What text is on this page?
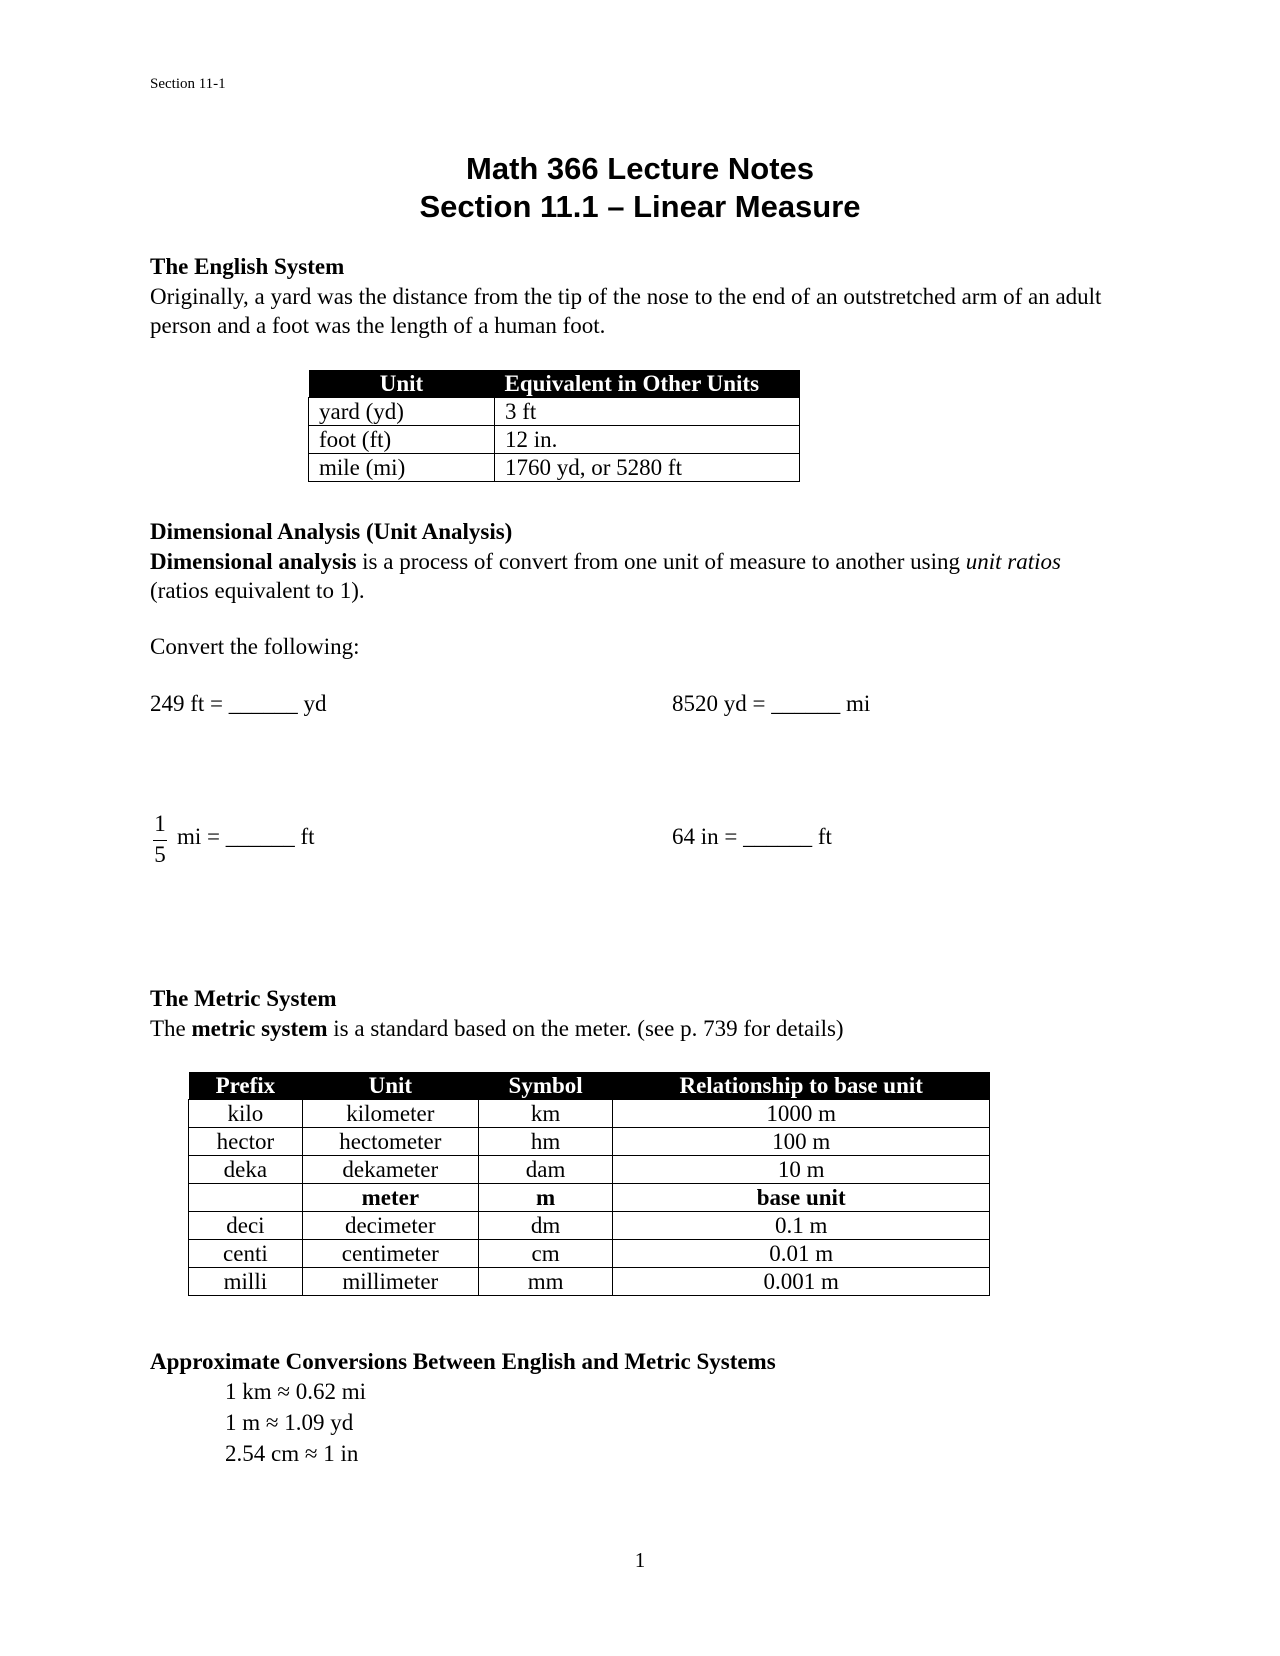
Section 11-1
Math 366 Lecture Notes
Section 11.1 – Linear Measure
The English System
Originally, a yard was the distance from the tip of the nose to the end of an outstretched arm of an adult person and a foot was the length of a human foot.
Unit	Equivalent in Other Units
yard (yd)	3 ft
foot (ft)	12 in.
mile (mi)	1760 yd, or 5280 ft
Dimensional Analysis (Unit Analysis)
Dimensional analysis is a process of convert from one unit of measure to another using unit ratios (ratios equivalent to 1).
Convert the following:
249 ft = ______ yd	8520 yd = ______ mi
1
5
mi = ______ ft	64 in = ______ ft
The Metric System
The metric system is a standard based on the meter. (see p. 739 for details)
Prefix	Unit	Symbol	Relationship to base unit
kilo	kilometer	km	1000 m
hector	hectometer	hm	100 m
deka	dekameter	dam	10 m
	meter	m	base unit
deci	decimeter	dm	0.1 m
centi	centimeter	cm	0.01 m
milli	millimeter	mm	0.001 m
Approximate Conversions Between English and Metric Systems
1 km ≈ 0.62 mi
1 m ≈ 1.09 yd
2.54 cm ≈ 1 in
1
